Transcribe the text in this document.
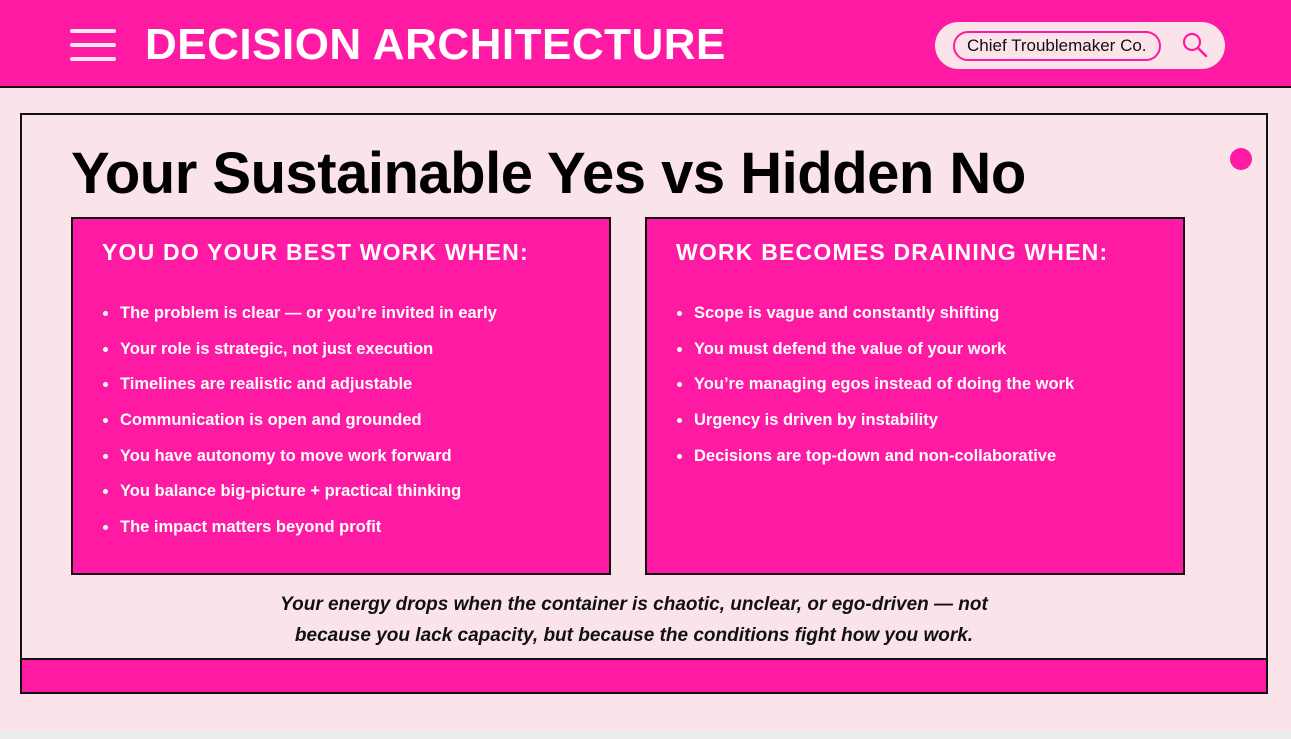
DECISION ARCHITECTURE	Chief Troublemaker Co.
Your Sustainable Yes vs Hidden No
YOU DO YOUR BEST WORK WHEN:
The problem is clear — or you’re invited in early
Your role is strategic, not just execution
Timelines are realistic and adjustable
Communication is open and grounded
You have autonomy to move work forward
You balance big-picture + practical thinking
The impact matters beyond profit
WORK BECOMES DRAINING WHEN:
Scope is vague and constantly shifting
You must defend the value of your work
You’re managing egos instead of doing the work
Urgency is driven by instability
Decisions are top-down and non-collaborative
Your energy drops when the container is chaotic, unclear, or ego-driven — not
because you lack capacity, but because the conditions fight how you work.
